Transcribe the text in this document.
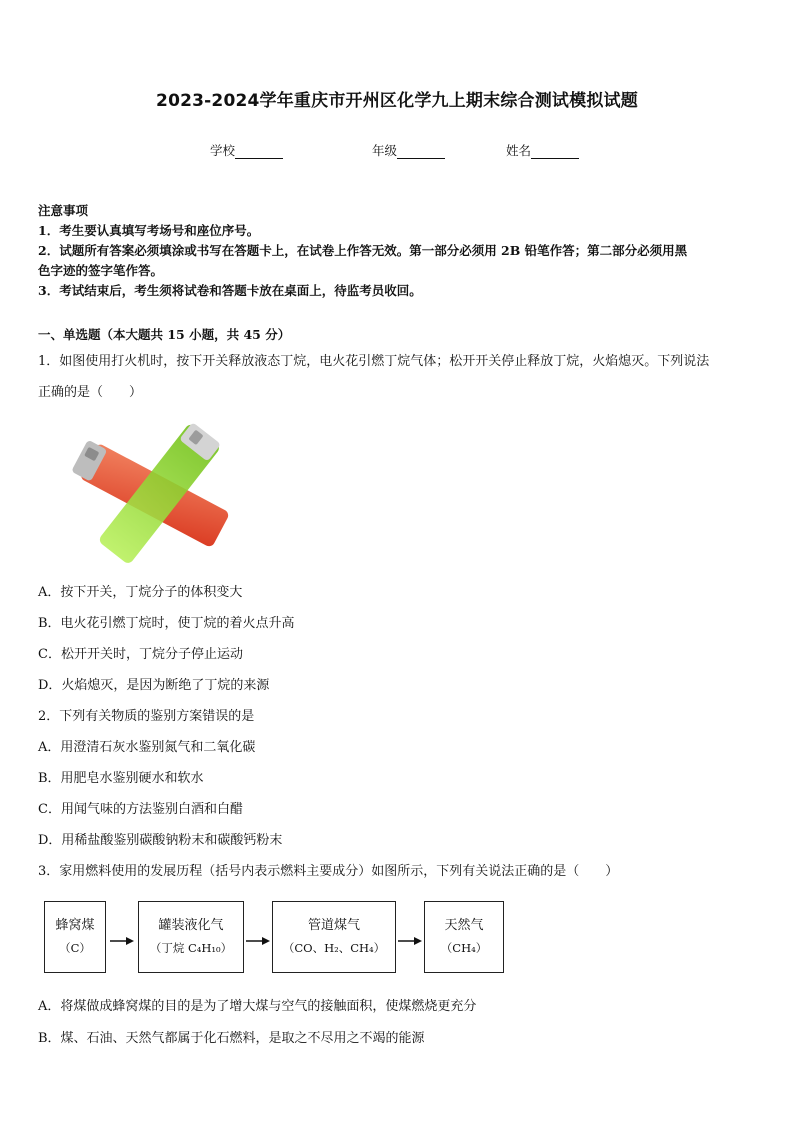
2023-2024学年重庆市开州区化学九上期末综合测试模拟试题
学校	年级	姓名

注意事项

1．考生要认真填写考场号和座位序号。

2．试题所有答案必须填涂或书写在答题卡上，在试卷上作答无效。第一部分必须用 2B 铅笔作答；第二部分必须用黑

色字迹的签字笔作答。

3．考试结束后，考生须将试卷和答题卡放在桌面上，待监考员收回。

一、单选题（本大题共 15 小题，共 45 分）
1．如图使用打火机时，按下开关释放液态丁烷，电火花引燃丁烷气体；松开开关停止释放丁烷，火焰熄灭。下列说法
正确的是（　　）
A．按下开关，丁烷分子的体积变大
B．电火花引燃丁烷时，使丁烷的着火点升高
C．松开开关时，丁烷分子停止运动
D．火焰熄灭，是因为断绝了丁烷的来源
2．下列有关物质的鉴别方案错误的是
A．用澄清石灰水鉴别氮气和二氧化碳
B．用肥皂水鉴别硬水和软水
C．用闻气味的方法鉴别白酒和白醋
D．用稀盐酸鉴别碳酸钠粉末和碳酸钙粉末
3．家用燃料使用的发展历程（括号内表示燃料主要成分）如图所示，下列有关说法正确的是（　　）
蜂窝煤
（C）
罐装液化气
（丁烷 C₄H₁₀）
管道煤气
（CO、H₂、CH₄）
天然气
（CH₄）
A．将煤做成蜂窝煤的目的是为了增大煤与空气的接触面积，使煤燃烧更充分
B．煤、石油、天然气都属于化石燃料，是取之不尽用之不竭的能源
